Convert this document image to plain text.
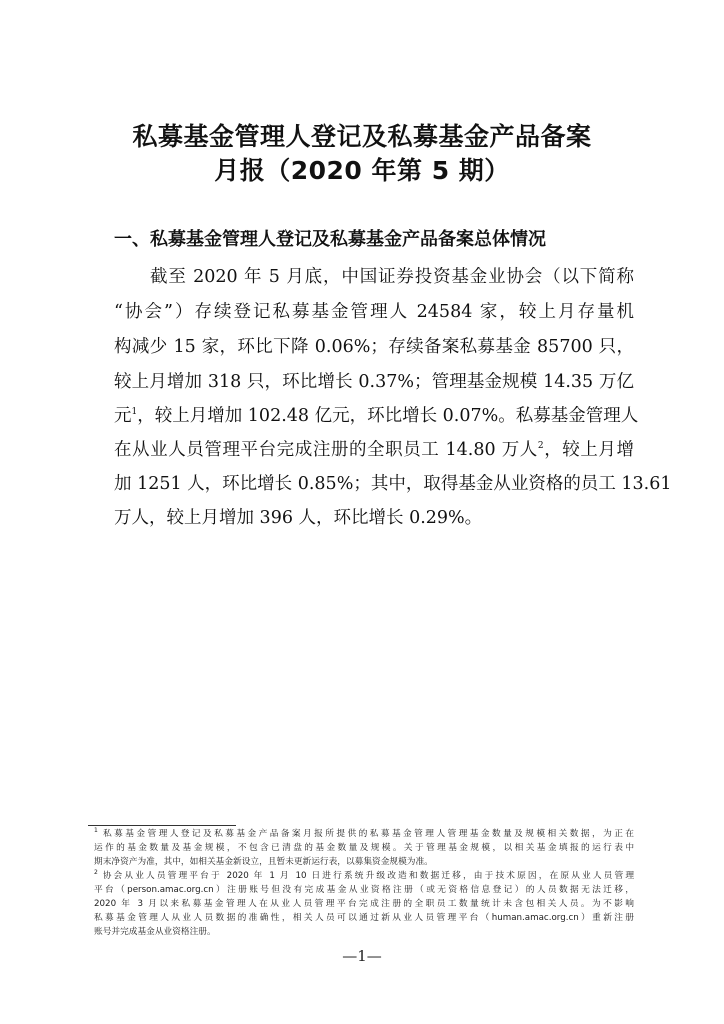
私募基金管理人登记及私募基金产品备案
月报（2020 年第 5 期）
一、私募基金管理人登记及私募基金产品备案总体情况
截至 2020 年 5 月底，中国证券投资基金业协会（以下简称
“协会”）存续登记私募基金管理人 24584 家，较上月存量机
构减少 15 家，环比下降 0.06%；存续备案私募基金 85700 只，
较上月增加 318 只，环比增长 0.37%；管理基金规模 14.35 万亿
元$^1$，较上月增加 102.48 亿元，环比增长 0.07%。私募基金管理人
在从业人员管理平台完成注册的全职员工 14.80 万人$^2$，较上月增
加 1251 人，环比增长 0.85%；其中，取得基金从业资格的员工 13.61
万人，较上月增加 396 人，环比增长 0.29%。
$^1$ 私募基金管理人登记及私募基金产品备案月报所提供的私募基金管理人管理基金数量及规模相关数据，为正在
运作的基金数量及基金规模，不包含已清盘的基金数量及规模。关于管理基金规模，以相关基金填报的运行表中
期末净资产为准，其中，如相关基金新设立，且暂未更新运行表，以募集资金规模为准。
$^2$ 协会从业人员管理平台于 2020 年 1 月 10 日进行系统升级改造和数据迁移，由于技术原因，在原从业人员管理
平台（person.amac.org.cn）注册账号但没有完成基金从业资格注册（或无资格信息登记）的人员数据无法迁移，
2020 年 3 月以来私募基金管理人在从业人员管理平台完成注册的全职员工数量统计未含包相关人员。为不影响
私募基金管理人从业人员数据的准确性，相关人员可以通过新从业人员管理平台（human.amac.org.cn）重新注册
账号并完成基金从业资格注册。
—1—
